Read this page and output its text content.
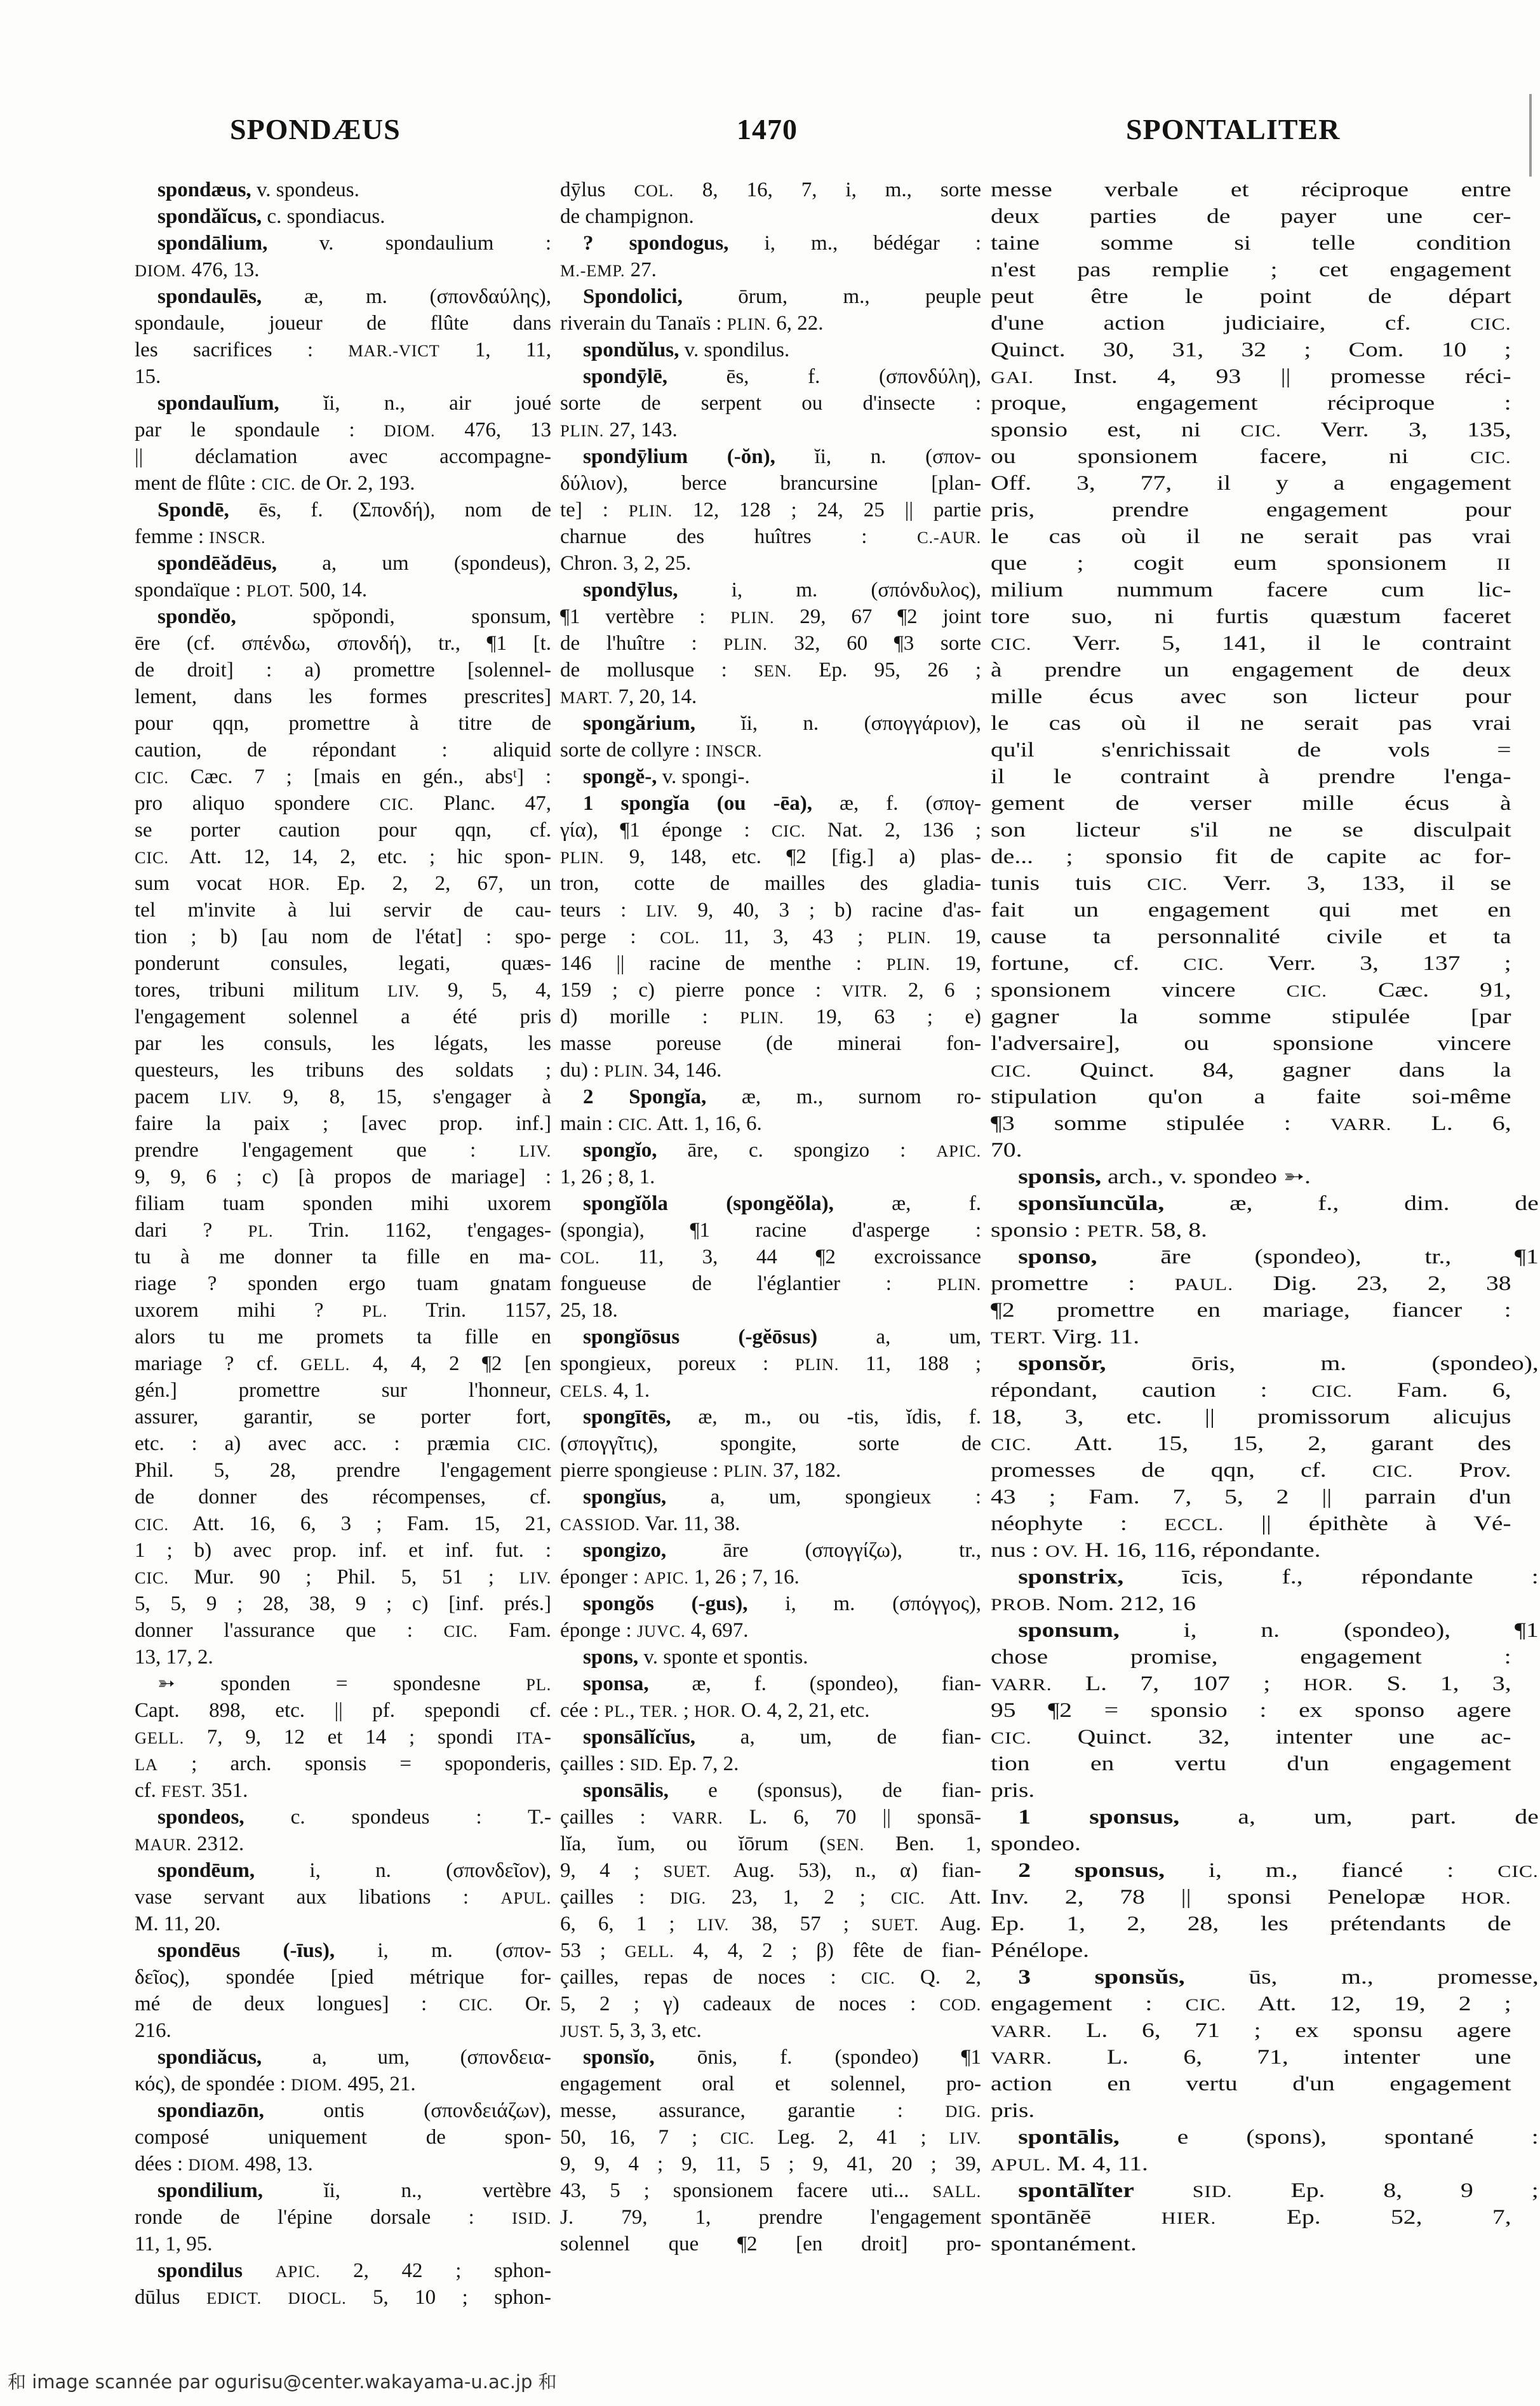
SPONDÆUS	1470	SPONTALITER
spondæus, v. spondeus.
spondăĭcus, c. spondiacus.
spondālium, v. spondaulium :
DIOM. 476, 13.
spondaulēs, æ, m. (σπονδαύλης),
spondaule, joueur de flûte dans
les sacrifices : MAR.-VICT 1, 11,
15.
spondaulĭum, ĭi, n., air joué
par le spondaule : DIOM. 476, 13
|| déclamation avec accompagne-
ment de flûte : CIC. de Or. 2, 193.
Spondē, ēs, f. (Σπονδή), nom de
femme : INSCR.
spondēădēus, a, um (spondeus),
spondaïque : PLOT. 500, 14.
spondĕo, spŏpondi, sponsum,
ēre (cf. σπένδω, σπονδή), tr., ¶1 [t.
de droit] : a) promettre [solennel-
lement, dans les formes prescrites]
pour qqn, promettre à titre de
caution, de répondant : aliquid
CIC. Cæc. 7 ; [mais en gén., absᵗ] :
pro aliquo spondere CIC. Planc. 47,
se porter caution pour qqn, cf.
CIC. Att. 12, 14, 2, etc. ; hic spon-
sum vocat HOR. Ep. 2, 2, 67, un
tel m'invite à lui servir de cau-
tion ; b) [au nom de l'état] : spo-
ponderunt consules, legati, quæs-
tores, tribuni militum LIV. 9, 5, 4,
l'engagement solennel a été pris
par les consuls, les légats, les
questeurs, les tribuns des soldats ;
pacem LIV. 9, 8, 15, s'engager à
faire la paix ; [avec prop. inf.]
prendre l'engagement que : LIV.
9, 9, 6 ; c) [à propos de mariage] :
filiam tuam sponden mihi uxorem
dari ? PL. Trin. 1162, t'engages-
tu à me donner ta fille en ma-
riage ? sponden ergo tuam gnatam
uxorem mihi ? PL. Trin. 1157,
alors tu me promets ta fille en
mariage ? cf. GELL. 4, 4, 2 ¶2 [en
gén.] promettre sur l'honneur,
assurer, garantir, se porter fort,
etc. : a) avec acc. : præmia CIC.
Phil. 5, 28, prendre l'engagement
de donner des récompenses, cf.
CIC. Att. 16, 6, 3 ; Fam. 15, 21,
1 ; b) avec prop. inf. et inf. fut. :
CIC. Mur. 90 ; Phil. 5, 51 ; LIV.
5, 5, 9 ; 28, 38, 9 ; c) [inf. prés.]
donner l'assurance que : CIC. Fam.
13, 17, 2.
➳ sponden = spondesne PL.
Capt. 898, etc. || pf. spepondi cf.
GELL. 7, 9, 12 et 14 ; spondi ITA-
LA ; arch. sponsis = spoponderis,
cf. FEST. 351.
spondeos, c. spondeus : T.-
MAUR. 2312.
spondēum, i, n. (σπονδεῖον),
vase servant aux libations : APUL.
M. 11, 20.
spondēus (-īus), i, m. (σπον-
δεῖος), spondée [pied métrique for-
mé de deux longues] : CIC. Or.
216.
spondiăcus, a, um, (σπονδεια-
κός), de spondée : DIOM. 495, 21.
spondiazōn, ontis (σπονδειάζων),
composé uniquement de spon-
dées : DIOM. 498, 13.
spondilium, ĭi, n., vertèbre
ronde de l'épine dorsale : ISID.
11, 1, 95.
spondilus APIC. 2, 42 ; sphon-
dūlus EDICT. DIOCL. 5, 10 ; sphon-
dȳlus COL. 8, 16, 7, i, m., sorte
de champignon.
? spondogus, i, m., bédégar :
M.-EMP. 27.
Spondolici, ōrum, m., peuple
riverain du Tanaïs : PLIN. 6, 22.
spondŭlus, v. spondilus.
spondȳlē, ēs, f. (σπονδύλη),
sorte de serpent ou d'insecte :
PLIN. 27, 143.
spondȳlium (-ŏn), ĭi, n. (σπον-
δύλιον), berce brancursine [plan-
te] : PLIN. 12, 128 ; 24, 25 || partie
charnue des huîtres : C.-AUR.
Chron. 3, 2, 25.
spondȳlus, i, m. (σπόνδυλος),
¶1 vertèbre : PLIN. 29, 67 ¶2 joint
de l'huître : PLIN. 32, 60 ¶3 sorte
de mollusque : SEN. Ep. 95, 26 ;
MART. 7, 20, 14.
spongărium, ĭi, n. (σπογγάριον),
sorte de collyre : INSCR.
spongĕ-, v. spongi-.
1 spongĭa (ou -ēa), æ, f. (σπογ-
γία), ¶1 éponge : CIC. Nat. 2, 136 ;
PLIN. 9, 148, etc. ¶2 [fig.] a) plas-
tron, cotte de mailles des gladia-
teurs : LIV. 9, 40, 3 ; b) racine d'as-
perge : COL. 11, 3, 43 ; PLIN. 19,
146 || racine de menthe : PLIN. 19,
159 ; c) pierre ponce : VITR. 2, 6 ;
d) morille : PLIN. 19, 63 ; e)
masse poreuse (de minerai fon-
du) : PLIN. 34, 146.
2 Spongĭa, æ, m., surnom ro-
main : CIC. Att. 1, 16, 6.
spongĭo, āre, c. spongizo : APIC.
1, 26 ; 8, 1.
spongĭŏla (spongĕŏla), æ, f.
(spongia), ¶1 racine d'asperge :
COL. 11, 3, 44 ¶2 excroissance
fongueuse de l'églantier : PLIN.
25, 18.
spongĭōsus (-gĕōsus) a, um,
spongieux, poreux : PLIN. 11, 188 ;
CELS. 4, 1.
spongītēs, æ, m., ou -tis, ĭdis, f.
(σπογγῖτις), spongite, sorte de
pierre spongieuse : PLIN. 37, 182.
spongĭus, a, um, spongieux :
CASSIOD. Var. 11, 38.
spongizo, āre (σπογγίζω), tr.,
éponger : APIC. 1, 26 ; 7, 16.
spongŏs (-gus), i, m. (σπόγγος),
éponge : JUVC. 4, 697.
spons, v. sponte et spontis.
sponsa, æ, f. (spondeo), fian-
cée : PL., TER. ; HOR. O. 4, 2, 21, etc.
sponsālĭcĭus, a, um, de fian-
çailles : SID. Ep. 7, 2.
sponsālis, e (sponsus), de fian-
çailles : VARR. L. 6, 70 || sponsā-
lĭa, ĭum, ou ĭōrum (SEN. Ben. 1,
9, 4 ; SUET. Aug. 53), n., α) fian-
çailles : DIG. 23, 1, 2 ; CIC. Att.
6, 6, 1 ; LIV. 38, 57 ; SUET. Aug.
53 ; GELL. 4, 4, 2 ; β) fête de fian-
çailles, repas de noces : CIC. Q. 2,
5, 2 ; γ) cadeaux de noces : COD.
JUST. 5, 3, 3, etc.
sponsĭo, ōnis, f. (spondeo) ¶1
engagement oral et solennel, pro-
messe, assurance, garantie : DIG.
50, 16, 7 ; CIC. Leg. 2, 41 ; LIV.
9, 9, 4 ; 9, 11, 5 ; 9, 41, 20 ; 39,
43, 5 ; sponsionem facere uti... SALL.
J. 79, 1, prendre l'engagement
solennel que ¶2 [en droit] pro-
messe verbale et réciproque entre
deux parties de payer une cer-
taine somme si telle condition
n'est pas remplie ; cet engagement
peut être le point de départ
d'une action judiciaire, cf. CIC.
Quinct. 30, 31, 32 ; Com. 10 ;
GAI. Inst. 4, 93 || promesse réci-
proque, engagement réciproque :
sponsio est, ni CIC. Verr. 3, 135,
ou sponsionem facere, ni CIC.
Off. 3, 77, il y a engagement
pris, prendre engagement pour
le cas où il ne serait pas vrai
que ; cogit eum sponsionem II
milium nummum facere cum lic-
tore suo, ni furtis quæstum faceret
CIC. Verr. 5, 141, il le contraint
à prendre un engagement de deux
mille écus avec son licteur pour
le cas où il ne serait pas vrai
qu'il s'enrichissait de vols =
il le contraint à prendre l'enga-
gement de verser mille écus à
son licteur s'il ne se disculpait
de... ; sponsio fit de capite ac for-
tunis tuis CIC. Verr. 3, 133, il se
fait un engagement qui met en
cause ta personnalité civile et ta
fortune, cf. CIC. Verr. 3, 137 ;
sponsionem vincere CIC. Cæc. 91,
gagner la somme stipulée [par
l'adversaire], ou sponsione vincere
CIC. Quinct. 84, gagner dans la
stipulation qu'on a faite soi-même
¶3 somme stipulée : VARR. L. 6,
70.
sponsis, arch., v. spondeo ➳.
sponsĭuncŭla, æ, f., dim. de
sponsio : PETR. 58, 8.
sponso, āre (spondeo), tr., ¶1
promettre : PAUL. Dig. 23, 2, 38
¶2 promettre en mariage, fiancer :
TERT. Virg. 11.
sponsŏr, ōris, m. (spondeo),
répondant, caution : CIC. Fam. 6,
18, 3, etc. || promissorum alicujus
CIC. Att. 15, 15, 2, garant des
promesses de qqn, cf. CIC. Prov.
43 ; Fam. 7, 5, 2 || parrain d'un
néophyte : ECCL. || épithète à Vé-
nus : OV. H. 16, 116, répondante.
sponstrix, īcis, f., répondante :
PROB. Nom. 212, 16
sponsum, i, n. (spondeo), ¶1
chose promise, engagement :
VARR. L. 7, 107 ; HOR. S. 1, 3,
95 ¶2 = sponsio : ex sponso agere
CIC. Quinct. 32, intenter une ac-
tion en vertu d'un engagement
pris.
1 sponsus, a, um, part. de
spondeo.
2 sponsus, i, m., fiancé : CIC.
Inv. 2, 78 || sponsi Penelopæ HOR.
Ep. 1, 2, 28, les prétendants de
Pénélope.
3 sponsŭs, ūs, m., promesse,
engagement : CIC. Att. 12, 19, 2 ;
VARR. L. 6, 71 ; ex sponsu agere
VARR. L. 6, 71, intenter une
action en vertu d'un engagement
pris.
spontālis, e (spons), spontané :
APUL. M. 4, 11.
spontālĭter	SID. Ep. 8, 9 ;
spontānĕē HIER. Ep. 52, 7,
spontanément.
和 image scannée par ogurisu@center.wakayama-u.ac.jp 和
